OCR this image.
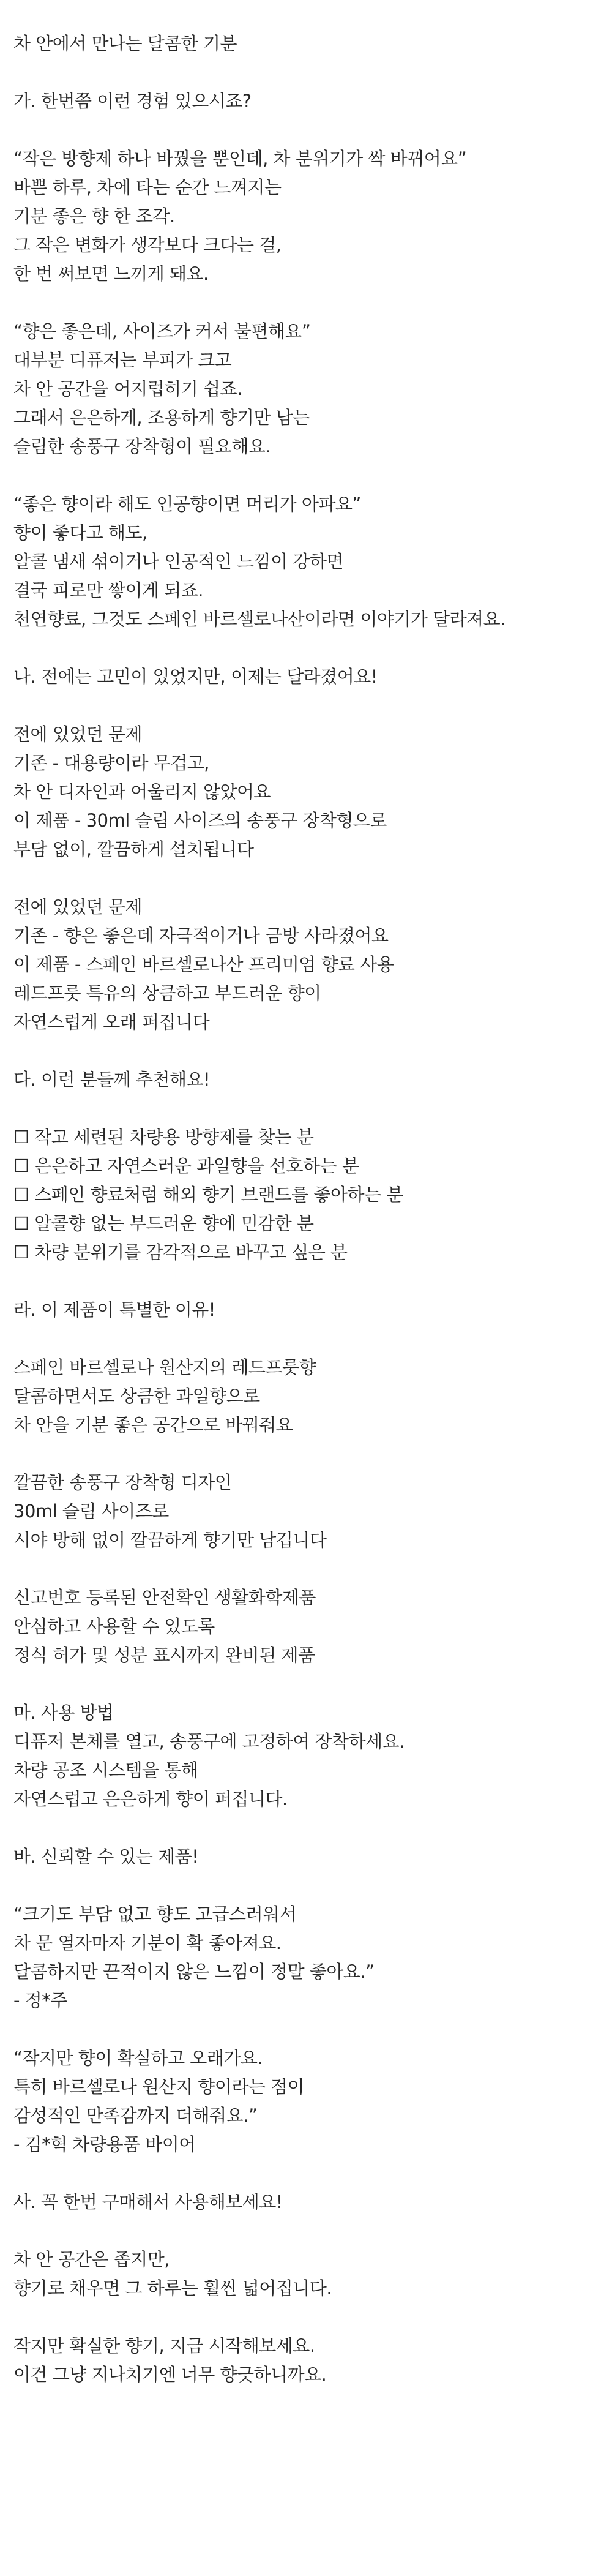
차 안에서 만나는 달콤한 기분
가. 한번쯤 이런 경험 있으시죠?
“작은 방향제 하나 바꿨을 뿐인데, 차 분위기가 싹 바뀌어요”
바쁜 하루, 차에 타는 순간 느껴지는
기분 좋은 향 한 조각.
그 작은 변화가 생각보다 크다는 걸,
한 번 써보면 느끼게 돼요.
“향은 좋은데, 사이즈가 커서 불편해요”
대부분 디퓨저는 부피가 크고
차 안 공간을 어지럽히기 쉽죠.
그래서 은은하게, 조용하게 향기만 남는
슬림한 송풍구 장착형이 필요해요.
“좋은 향이라 해도 인공향이면 머리가 아파요”
향이 좋다고 해도,
알콜 냄새 섞이거나 인공적인 느낌이 강하면
결국 피로만 쌓이게 되죠.
천연향료, 그것도 스페인 바르셀로나산이라면 이야기가 달라져요.
나. 전에는 고민이 있었지만, 이제는 달라졌어요!
전에 있었던 문제
기존 - 대용량이라 무겁고,
차 안 디자인과 어울리지 않았어요
이 제품 - 30ml 슬림 사이즈의 송풍구 장착형으로
부담 없이, 깔끔하게 설치됩니다
전에 있었던 문제
기존 - 향은 좋은데 자극적이거나 금방 사라졌어요
이 제품 - 스페인 바르셀로나산 프리미엄 향료 사용
레드프룻 특유의 상큼하고 부드러운 향이
자연스럽게 오래 퍼집니다
다. 이런 분들께 추천해요!
☐ 작고 세련된 차량용 방향제를 찾는 분
☐ 은은하고 자연스러운 과일향을 선호하는 분
☐ 스페인 향료처럼 해외 향기 브랜드를 좋아하는 분
☐ 알콜향 없는 부드러운 향에 민감한 분
☐ 차량 분위기를 감각적으로 바꾸고 싶은 분
라. 이 제품이 특별한 이유!
스페인 바르셀로나 원산지의 레드프룻향
달콤하면서도 상큼한 과일향으로
차 안을 기분 좋은 공간으로 바꿔줘요
깔끔한 송풍구 장착형 디자인
30ml 슬림 사이즈로
시야 방해 없이 깔끔하게 향기만 남깁니다
신고번호 등록된 안전확인 생활화학제품
안심하고 사용할 수 있도록
정식 허가 및 성분 표시까지 완비된 제품
마. 사용 방법
디퓨저 본체를 열고, 송풍구에 고정하여 장착하세요.
차량 공조 시스템을 통해
자연스럽고 은은하게 향이 퍼집니다.
바. 신뢰할 수 있는 제품!
“크기도 부담 없고 향도 고급스러워서
차 문 열자마자 기분이 확 좋아져요.
달콤하지만 끈적이지 않은 느낌이 정말 좋아요.”
- 정*주
“작지만 향이 확실하고 오래가요.
특히 바르셀로나 원산지 향이라는 점이
감성적인 만족감까지 더해줘요.”
- 김*혁 차량용품 바이어
사. 꼭 한번 구매해서 사용해보세요!
차 안 공간은 좁지만,
향기로 채우면 그 하루는 훨씬 넓어집니다.
작지만 확실한 향기, 지금 시작해보세요.
이건 그냥 지나치기엔 너무 향긋하니까요.
